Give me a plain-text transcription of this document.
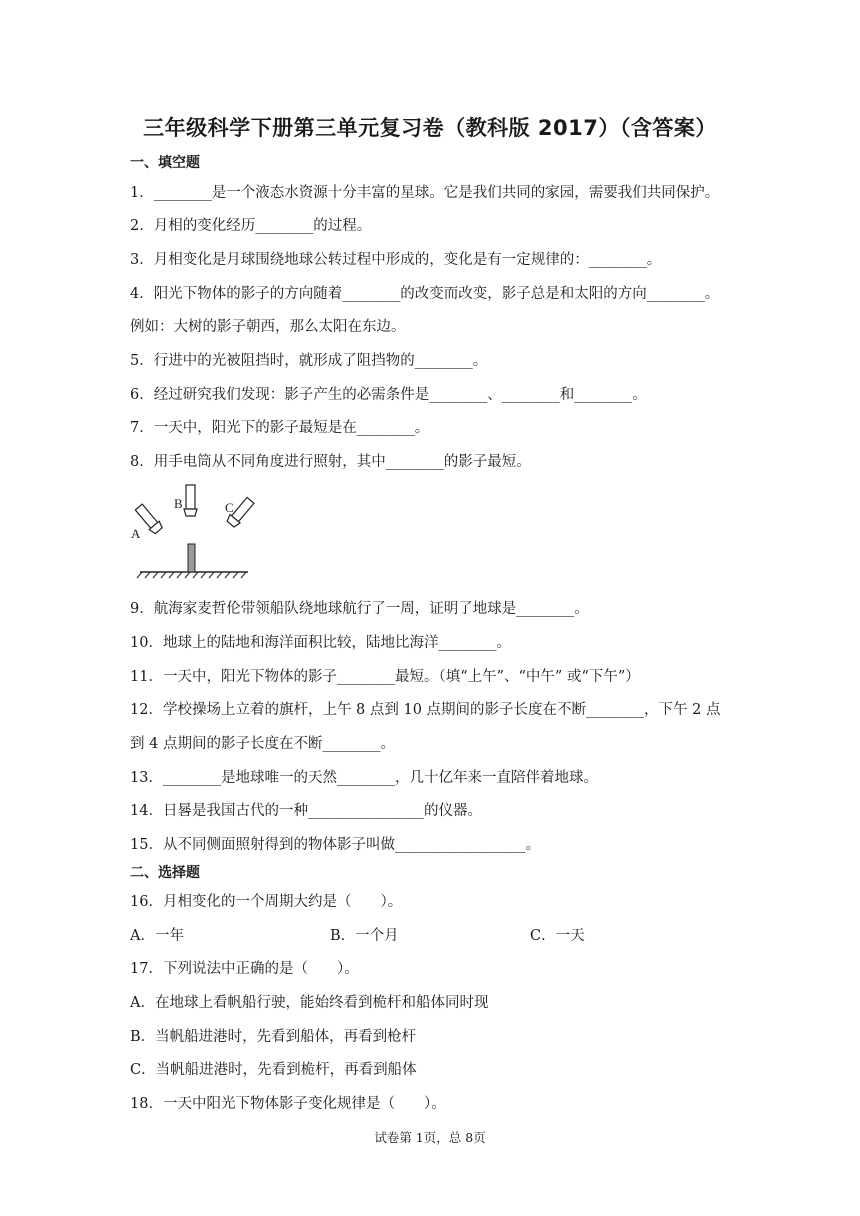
三年级科学下册第三单元复习卷（教科版 2017）（含答案）
一、填空题
1．________是一个液态水资源十分丰富的星球。它是我们共同的家园，需要我们共同保护。
2．月相的变化经历________的过程。
3．月相变化是月球围绕地球公转过程中形成的，变化是有一定规律的：________。
4．阳光下物体的影子的方向随着________的改变而改变，影子总是和太阳的方向________。
例如：大树的影子朝西，那么太阳在东边。
5．行进中的光被阻挡时，就形成了阻挡物的________。
6．经过研究我们发现：影子产生的必需条件是________、________和________。
7．一天中，阳光下的影子最短是在________。
8．用手电筒从不同角度进行照射，其中________的影子最短。
B
A
C
9．航海家麦哲伦带领船队绕地球航行了一周，证明了地球是________。
10．地球上的陆地和海洋面积比较，陆地比海洋________。
11．一天中，阳光下物体的影子________最短。（填“上午”、“中午” 或“下午”）
12．学校操场上立着的旗杆，上午 8 点到 10 点期间的影子长度在不断________，下午 2 点
到 4 点期间的影子长度在不断________。
13．________是地球唯一的天然________，几十亿年来一直陪伴着地球。
14．日晷是我国古代的一种________________的仪器。
15．从不同侧面照射得到的物体影子叫做__________________。
二、选择题
16．月相变化的一个周期大约是（　　）。
A．一年	B．一个月	C．一天
17．下列说法中正确的是（　　）。
A．在地球上看帆船行驶，能始终看到桅杆和船体同时现
B．当帆船进港时，先看到船体，再看到枪杆
C．当帆船进港时，先看到桅杆，再看到船体
18．一天中阳光下物体影子变化规律是（　　）。
试卷第 1页，总 8页
